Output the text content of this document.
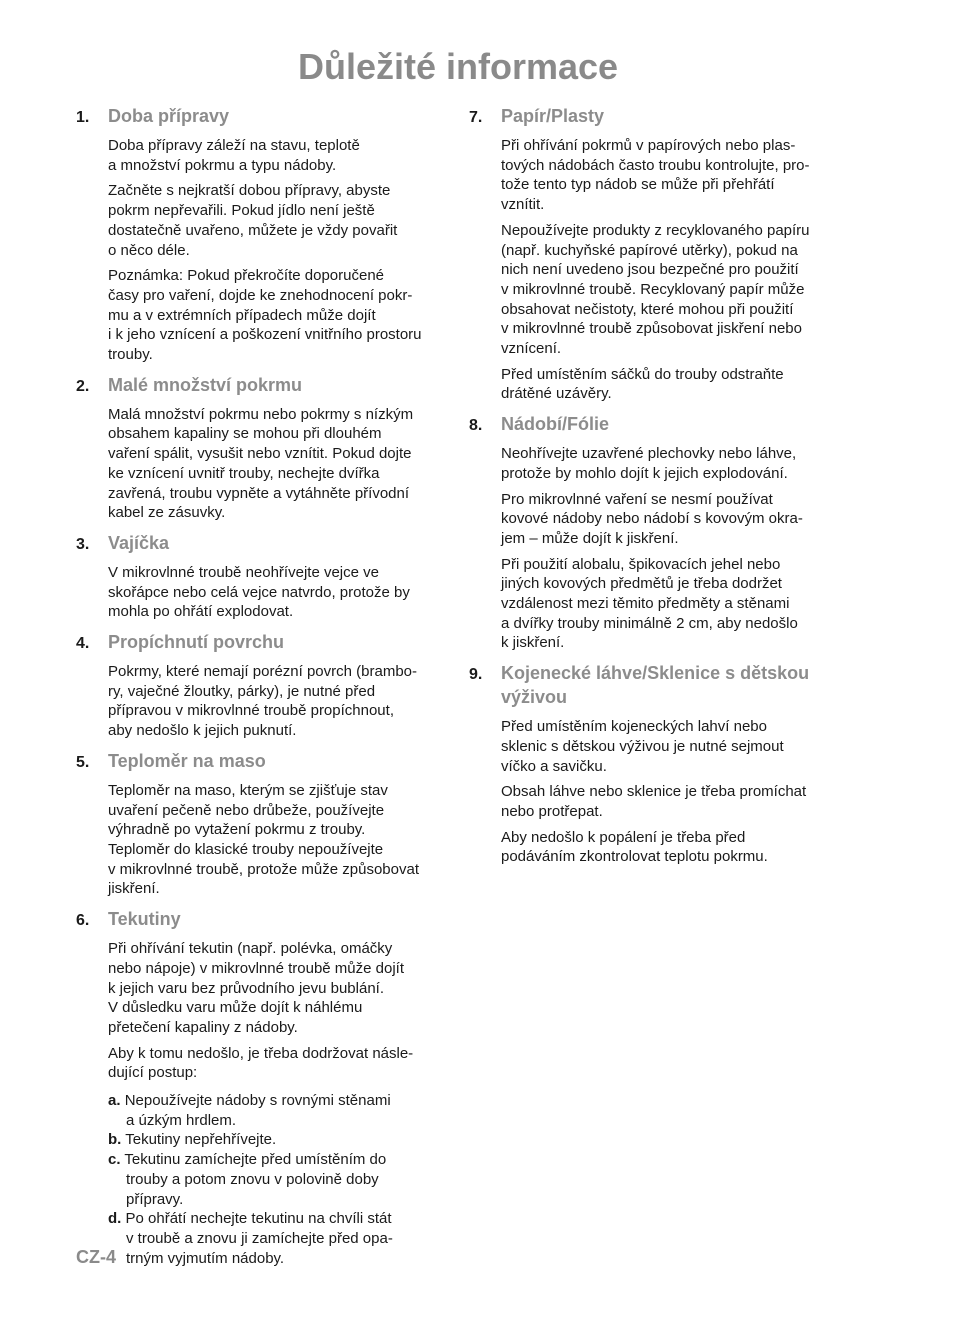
Důležité informace
1.	Doba přípravy

Doba přípravy záleží na stavu, teplotě
a množství pokrmu a typu nádoby.

Začněte s nejkratší dobou přípravy, abyste
pokrm nepřevařili. Pokud jídlo není ještě
dostatečně uvařeno, můžete je vždy povařit
o něco déle.

Poznámka: Pokud překročíte doporučené
časy pro vaření, dojde ke znehodnocení pokr-
mu a v extrémních případech může dojít
i k jeho vznícení a poškození vnitřního prostoru
trouby.

2.	Malé množství pokrmu

Malá množství pokrmu nebo pokrmy s nízkým
obsahem kapaliny se mohou při dlouhém
vaření spálit, vysušit nebo vznítit. Pokud dojte
ke vznícení uvnitř trouby, nechejte dvířka
zavřená, troubu vypněte a vytáhněte přívodní
kabel ze zásuvky.

3.	Vajíčka

V mikrovlnné troubě neohřívejte vejce ve
skořápce nebo celá vejce natvrdo, protože by
mohla po ohřátí explodovat.

4.	Propíchnutí povrchu

Pokrmy, které nemají porézní povrch (brambo-
ry, vaječné žloutky, párky), je nutné před
přípravou v mikrovlnné troubě propíchnout,
aby nedošlo k jejich puknutí.

5.	Teploměr na maso

Teploměr na maso, kterým se zjišťuje stav
uvaření pečeně nebo drůbeže, používejte
výhradně po vytažení pokrmu z trouby.
Teploměr do klasické trouby nepoužívejte
v mikrovlnné troubě, protože může způsobovat
jiskření.

6.	Tekutiny

Při ohřívání tekutin (např. polévka, omáčky
nebo nápoje) v mikrovlnné troubě může dojít
k jejich varu bez průvodního jevu bublání.
V důsledku varu může dojít k náhlému
přetečení kapaliny z nádoby.

Aby k tomu nedošlo, je třeba dodržovat násle-
dující postup:

a. Nepoužívejte nádoby s rovnými stěnami
a úzkým hrdlem.
b. Tekutiny nepřehřívejte.
c. Tekutinu zamíchejte před umístěním do
trouby a potom znovu v polovině doby
přípravy.
d. Po ohřátí nechejte tekutinu na chvíli stát
v troubě a znovu ji zamíchejte před opa-
trným vyjmutím nádoby.
7.	Papír/Plasty

Při ohřívání pokrmů v papírových nebo plas-
tových nádobách často troubu kontrolujte, pro-
tože tento typ nádob se může při přehřátí
vznítit.

Nepoužívejte produkty z recyklovaného papíru
(např. kuchyňské papírové utěrky), pokud na
nich není uvedeno jsou bezpečné pro použití
v mikrovlnné troubě. Recyklovaný papír může
obsahovat nečistoty, které mohou při použití
v mikrovlnné troubě způsobovat jiskření nebo
vznícení.

Před umístěním sáčků do trouby odstraňte
drátěné uzávěry.

8.	Nádobí/Fólie

Neohřívejte uzavřené plechovky nebo láhve,
protože by mohlo dojít k jejich explodování.

Pro mikrovlnné vaření se nesmí používat
kovové nádoby nebo nádobí s kovovým okra-
jem – může dojít k jiskření.

Při použití alobalu, špikovacích jehel nebo
jiných kovových předmětů je třeba dodržet
vzdálenost mezi těmito předměty a stěnami
a dvířky trouby minimálně 2 cm, aby nedošlo
k jiskření.

9.	Kojenecké láhve/Sklenice s dětskou
výživou

Před umístěním kojeneckých lahví nebo
sklenic s dětskou výživou je nutné sejmout
víčko a savičku.

Obsah láhve nebo sklenice je třeba promíchat
nebo protřepat.

Aby nedošlo k popálení je třeba před
podáváním zkontrolovat teplotu pokrmu.

CZ-4
